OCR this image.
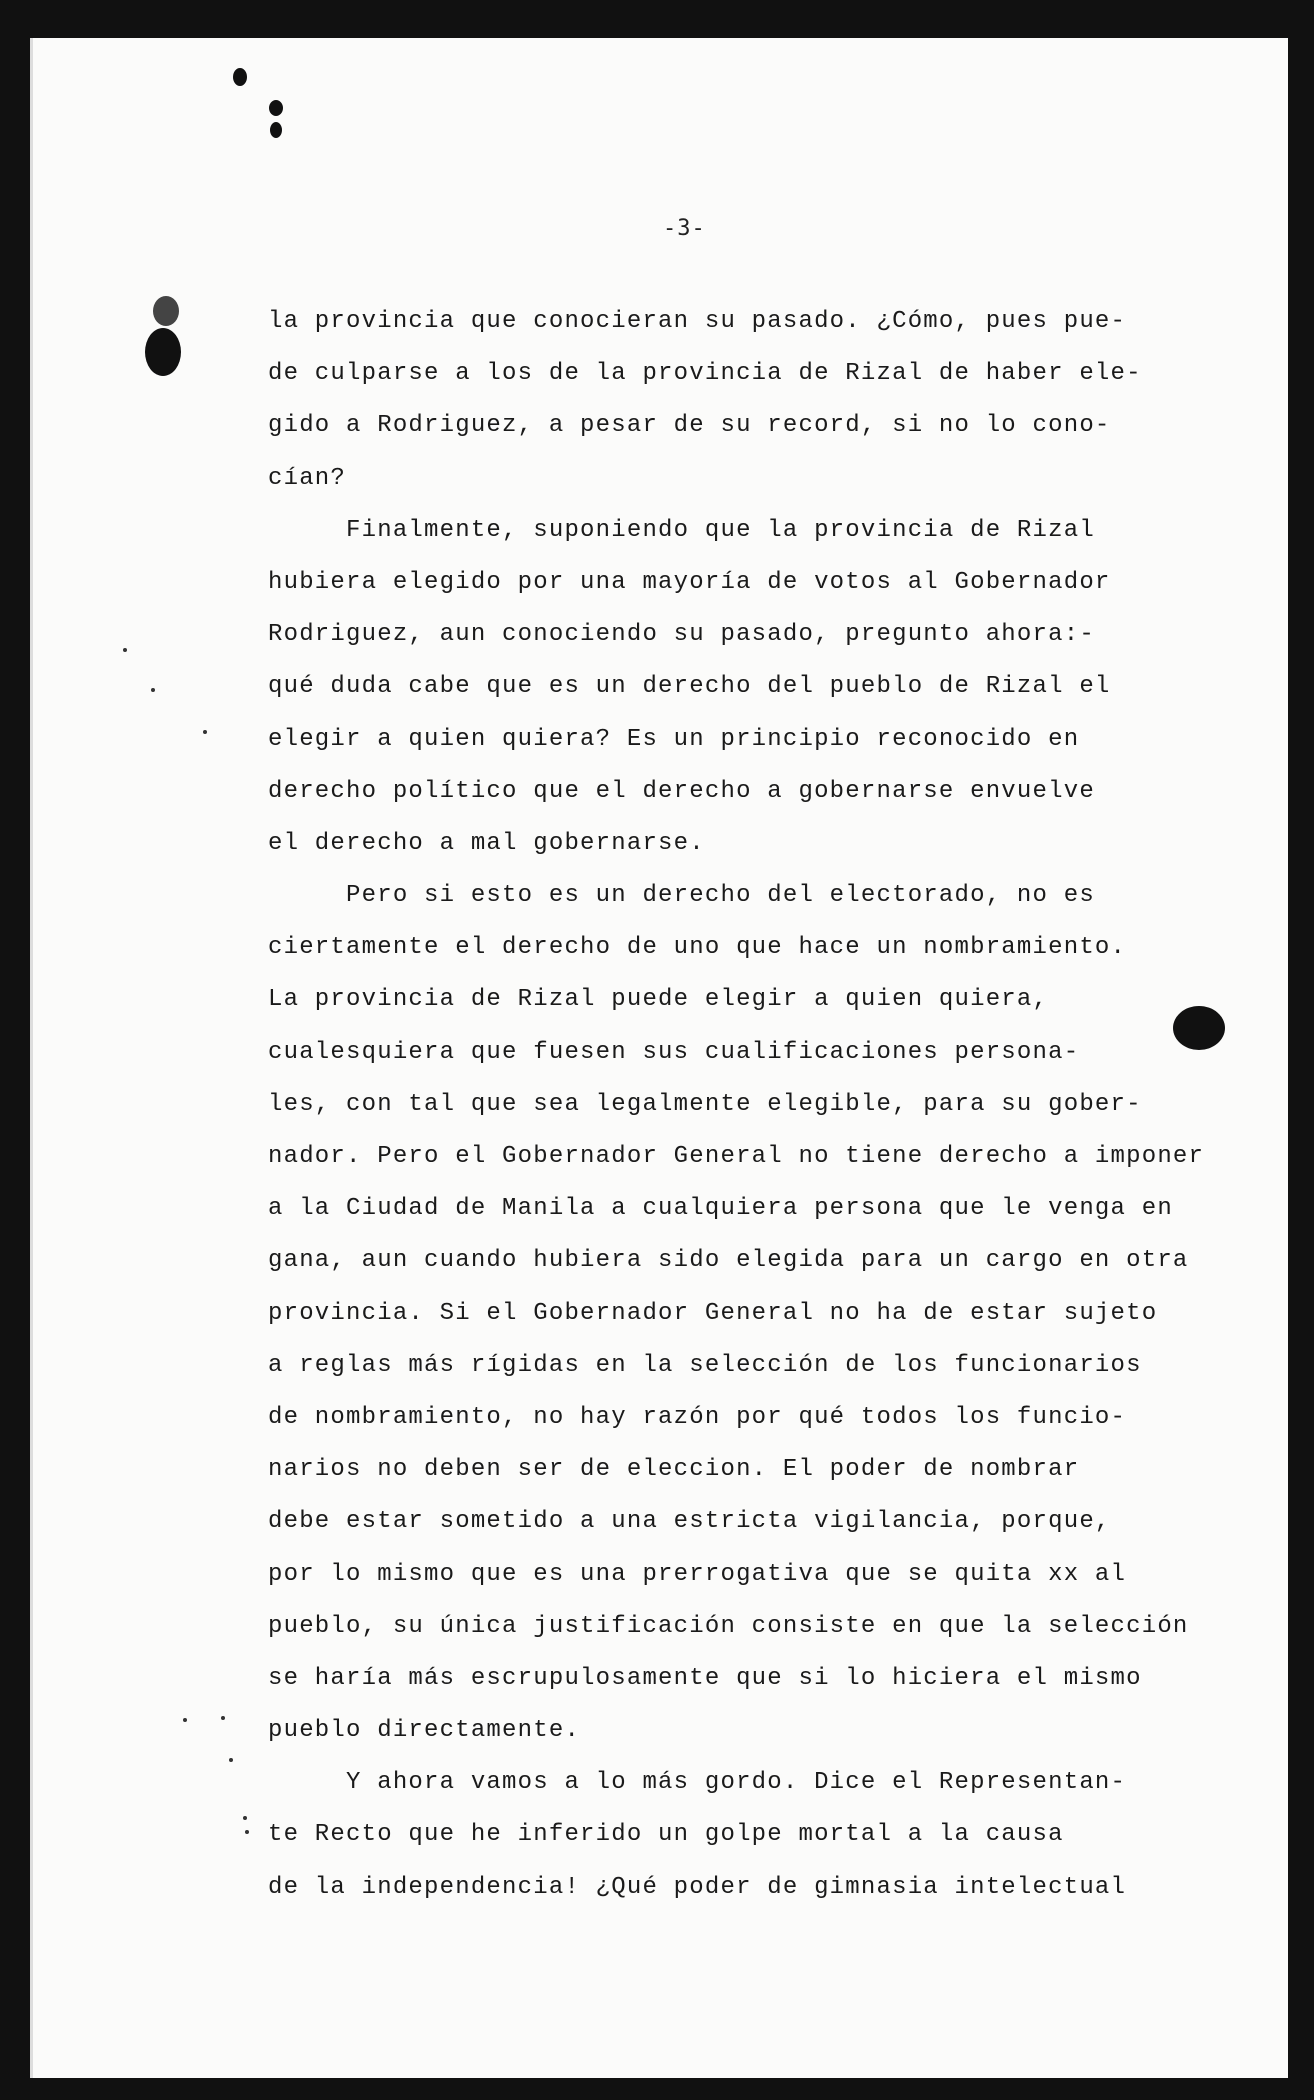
-3-
la provincia que conocieran su pasado. ¿Cómo, pues pue-
de culparse a los de la provincia de Rizal de haber ele-
gido a Rodriguez, a pesar de su record, si no lo cono-
cían?
Finalmente, suponiendo que la provincia de Rizal
hubiera elegido por una mayoría de votos al Gobernador
Rodriguez, aun conociendo su pasado, pregunto ahora:-
qué duda cabe que es un derecho del pueblo de Rizal el
elegir a quien quiera? Es un principio reconocido en
derecho político que el derecho a gobernarse envuelve
el derecho a mal gobernarse.
Pero si esto es un derecho del electorado, no es
ciertamente el derecho de uno que hace un nombramiento.
La provincia de Rizal puede elegir a quien quiera,
cualesquiera que fuesen sus cualificaciones persona-
les, con tal que sea legalmente elegible, para su gober-
nador. Pero el Gobernador General no tiene derecho a imponer
a la Ciudad de Manila a cualquiera persona que le venga en
gana, aun cuando hubiera sido elegida para un cargo en otra
provincia. Si el Gobernador General no ha de estar sujeto
a reglas más rígidas en la selección de los funcionarios
de nombramiento, no hay razón por qué todos los funcio-
narios no deben ser de eleccion. El poder de nombrar
debe estar sometido a una estricta vigilancia, porque,
por lo mismo que es una prerrogativa que se quita xx al
pueblo, su única justificación consiste en que la selección
se haría más escrupulosamente que si lo hiciera el mismo
pueblo directamente.
Y ahora vamos a lo más gordo. Dice el Representan-
te Recto que he inferido un golpe mortal a la causa
de la independencia! ¿Qué poder de gimnasia intelectual
